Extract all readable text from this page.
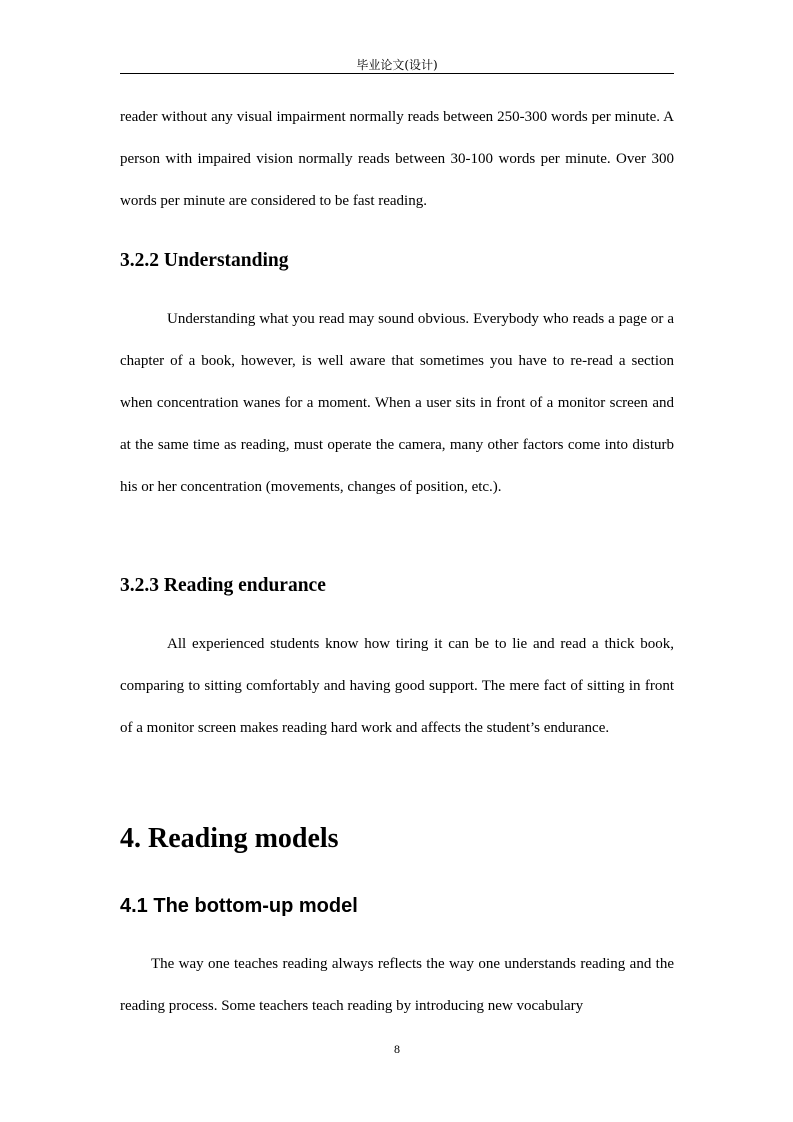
毕业论文(设计)

reader without any visual impairment normally reads between 250-300 words per minute. A person with impaired vision normally reads between 30-100 words per minute. Over 300 words per minute are considered to be fast reading.

3.2.2 Understanding

Understanding what you read may sound obvious. Everybody who reads a page or a chapter of a book, however, is well aware that sometimes you have to re-read a section when concentration wanes for a moment. When a user sits in front of a monitor screen and at the same time as reading, must operate the camera, many other factors come into disturb his or her concentration (movements, changes of position, etc.).

3.2.3 Reading endurance

All experienced students know how tiring it can be to lie and read a thick book, comparing to sitting comfortably and having good support. The mere fact of sitting in front of a monitor screen makes reading hard work and affects the student’s endurance.

4. Reading models
4.1 The bottom-up model

The way one teaches reading always reflects the way one understands reading and the reading process. Some teachers teach reading by introducing new vocabulary

8
